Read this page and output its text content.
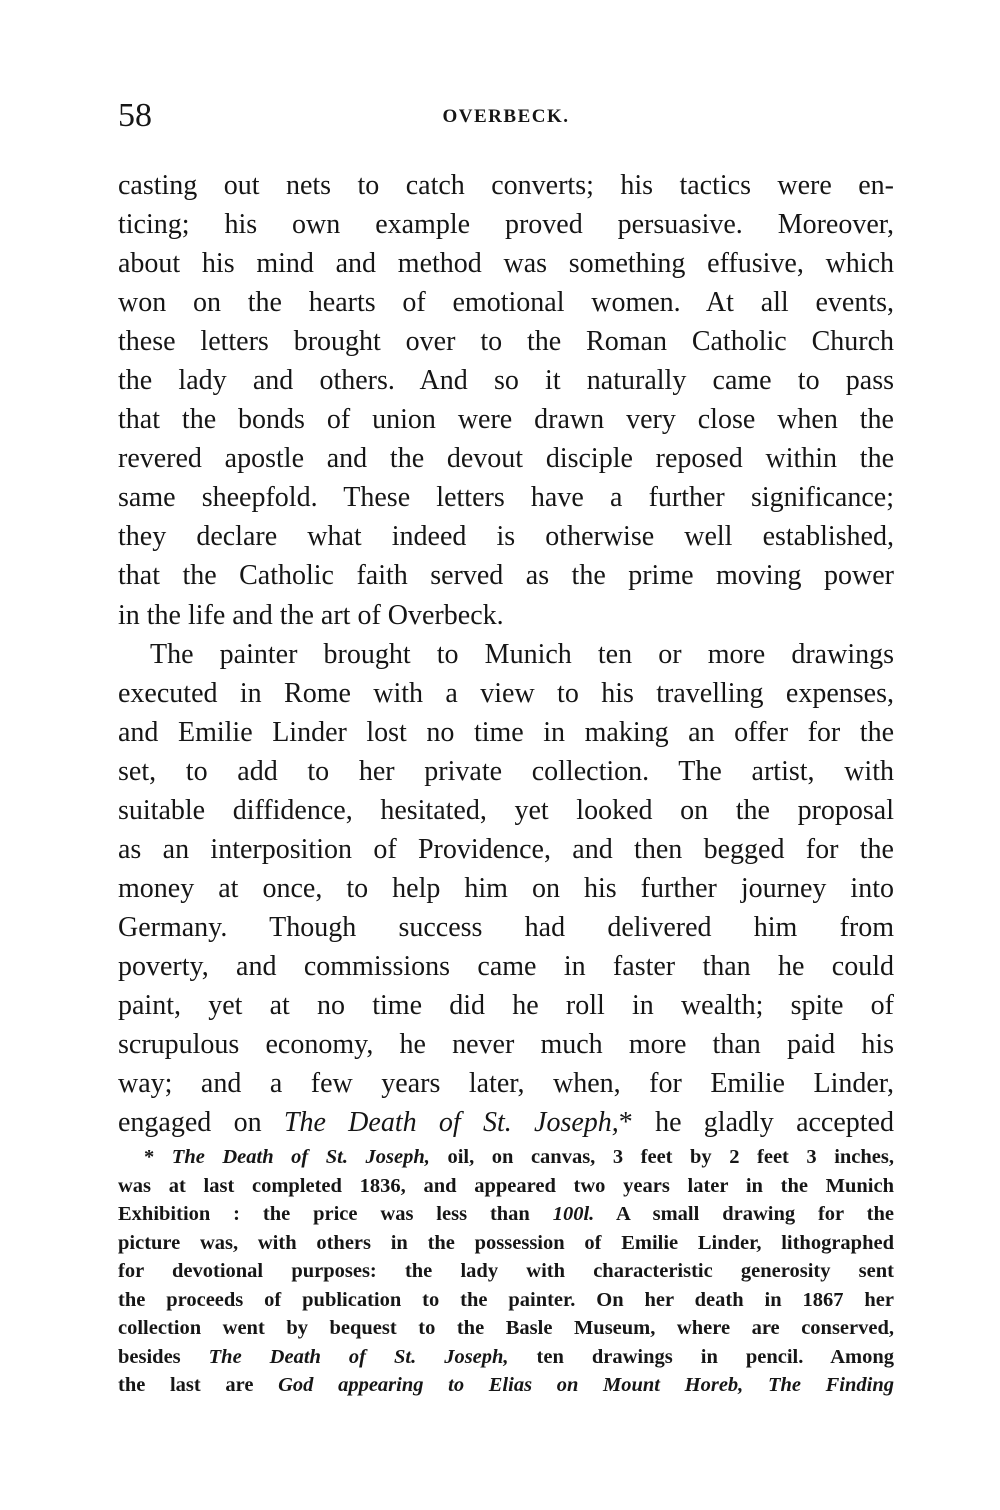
58	OVERBECK.
casting out nets to catch converts; his tactics were en-
ticing; his own example proved persuasive. Moreover,
about his mind and method was something effusive, which
won on the hearts of emotional women. At all events,
these letters brought over to the Roman Catholic Church
the lady and others. And so it naturally came to pass
that the bonds of union were drawn very close when the
revered apostle and the devout disciple reposed within the
same sheepfold. These letters have a further significance;
they declare what indeed is otherwise well established,
that the Catholic faith served as the prime moving power
in the life and the art of Overbeck.
The painter brought to Munich ten or more drawings
executed in Rome with a view to his travelling expenses,
and Emilie Linder lost no time in making an offer for the
set, to add to her private collection. The artist, with
suitable diffidence, hesitated, yet looked on the proposal
as an interposition of Providence, and then begged for the
money at once, to help him on his further journey into
Germany. Though success had delivered him from
poverty, and commissions came in faster than he could
paint, yet at no time did he roll in wealth; spite of
scrupulous economy, he never much more than paid his
way; and a few years later, when, for Emilie Linder,
engaged on The Death of St. Joseph,* he gladly accepted
* The Death of St. Joseph, oil, on canvas, 3 feet by 2 feet 3 inches,
was at last completed 1836, and appeared two years later in the Munich
Exhibition : the price was less than 100l. A small drawing for the
picture was, with others in the possession of Emilie Linder, lithographed
for devotional purposes: the lady with characteristic generosity sent
the proceeds of publication to the painter. On her death in 1867 her
collection went by bequest to the Basle Museum, where are conserved,
besides The Death of St. Joseph, ten drawings in pencil. Among
the last are God appearing to Elias on Mount Horeb, The Finding
